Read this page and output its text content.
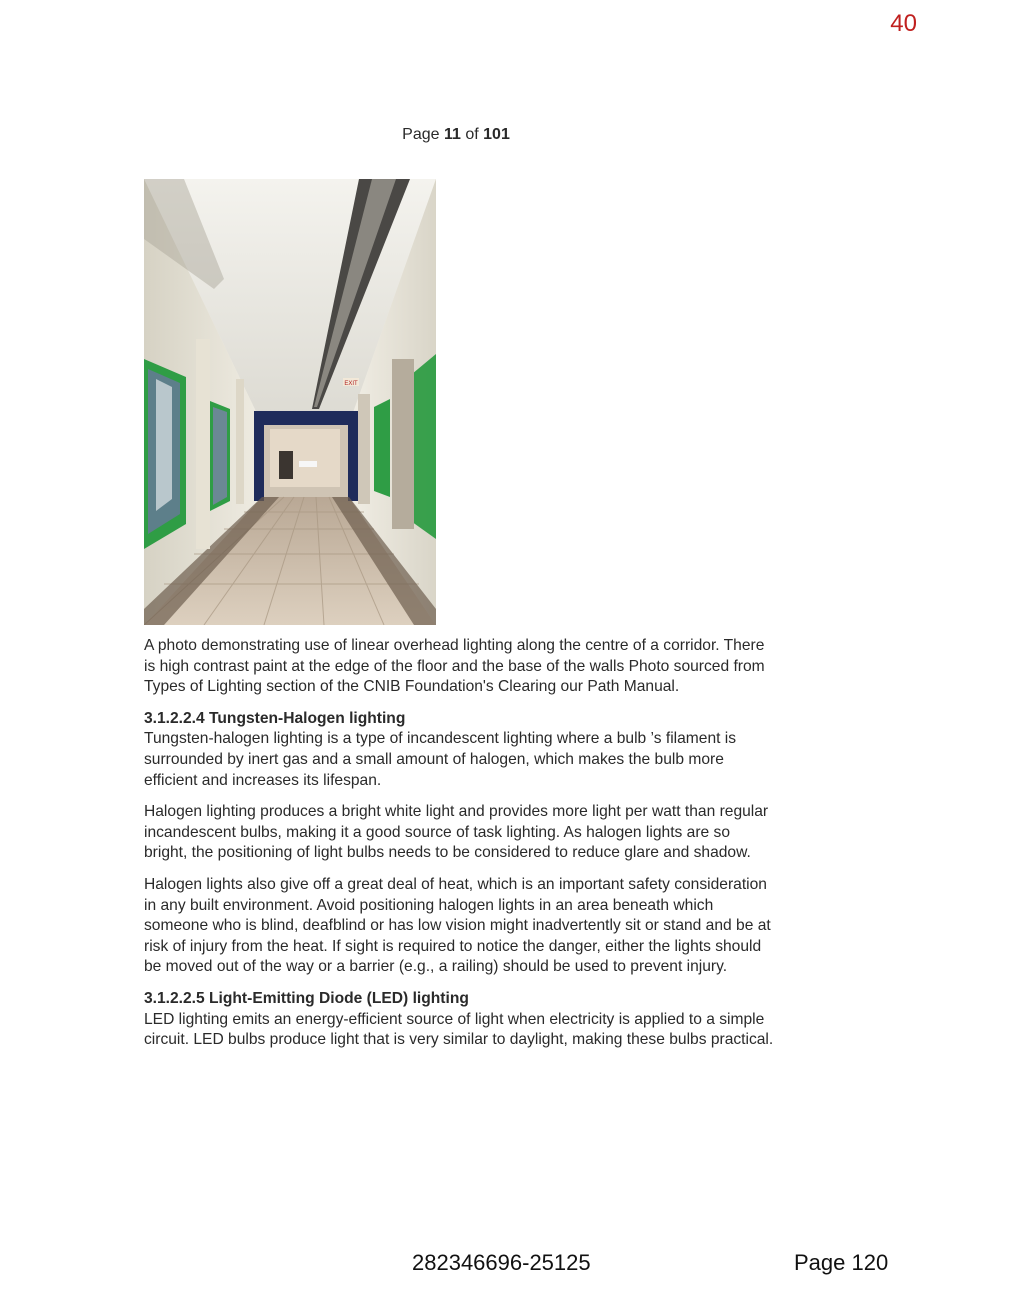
40
Page 11 of 101
EXIT

A photo demonstrating use of linear overhead lighting along the centre of a corridor. There is high contrast paint at the edge of the floor and the base of the walls Photo sourced from Types of Lighting section of the CNIB Foundation's Clearing our Path Manual.

3.1.2.2.4 Tungsten-Halogen lighting
Tungsten-halogen lighting is a type of incandescent lighting where a bulb ’s filament is surrounded by inert gas and a small amount of halogen, which makes the bulb more efficient and increases its lifespan.

Halogen lighting produces a bright white light and provides more light per watt than regular incandescent bulbs, making it a good source of task lighting. As halogen lights are so bright, the positioning of light bulbs needs to be considered to reduce glare and shadow.

Halogen lights also give off a great deal of heat, which is an important safety consideration in any built environment. Avoid positioning halogen lights in an area beneath which someone who is blind, deafblind or has low vision might inadvertently sit or stand and be at risk of injury from the heat. If sight is required to notice the danger, either the lights should be moved out of the way or a barrier (e.g., a railing) should be used to prevent injury.

3.1.2.2.5 Light-Emitting Diode (LED) lighting
LED lighting emits an energy-efficient source of light when electricity is applied to a simple circuit. LED bulbs produce light that is very similar to daylight, making these bulbs practical.

282346696-25125	Page 120
